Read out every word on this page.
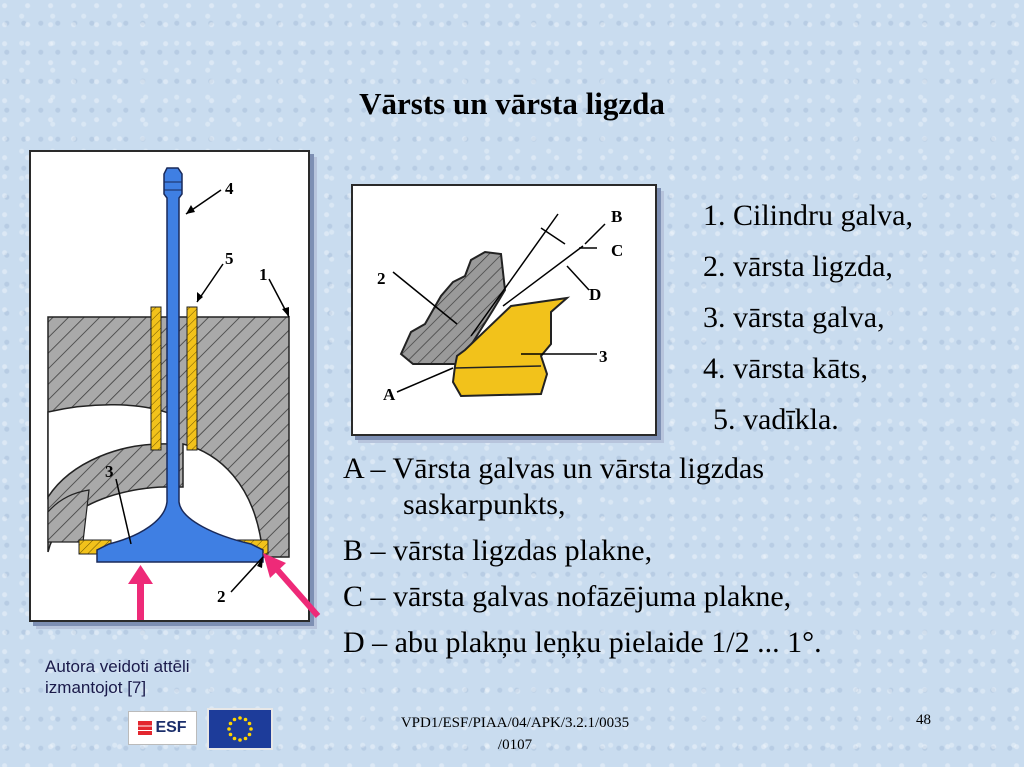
Vārsts un vārsta ligzda
4
5
1
3
2
B
C
D
2
3
A
1. Cilindru galva,
2. vārsta ligzda,
3. vārsta galva,
4. vārsta kāts,
5. vadīkla.
A – Vārsta galvas un vārsta ligzdas
saskarpunkts,
B – vārsta ligzdas plakne,
C – vārsta galvas nofāzējuma plakne,
D – abu plakņu leņķu pielaide 1/2 ... 1°.
Autora veidoti attēli
izmantojot [7]
ESF	VPD1/ESF/PIAA/04/APK/3.2.1/0035
/0107
48
